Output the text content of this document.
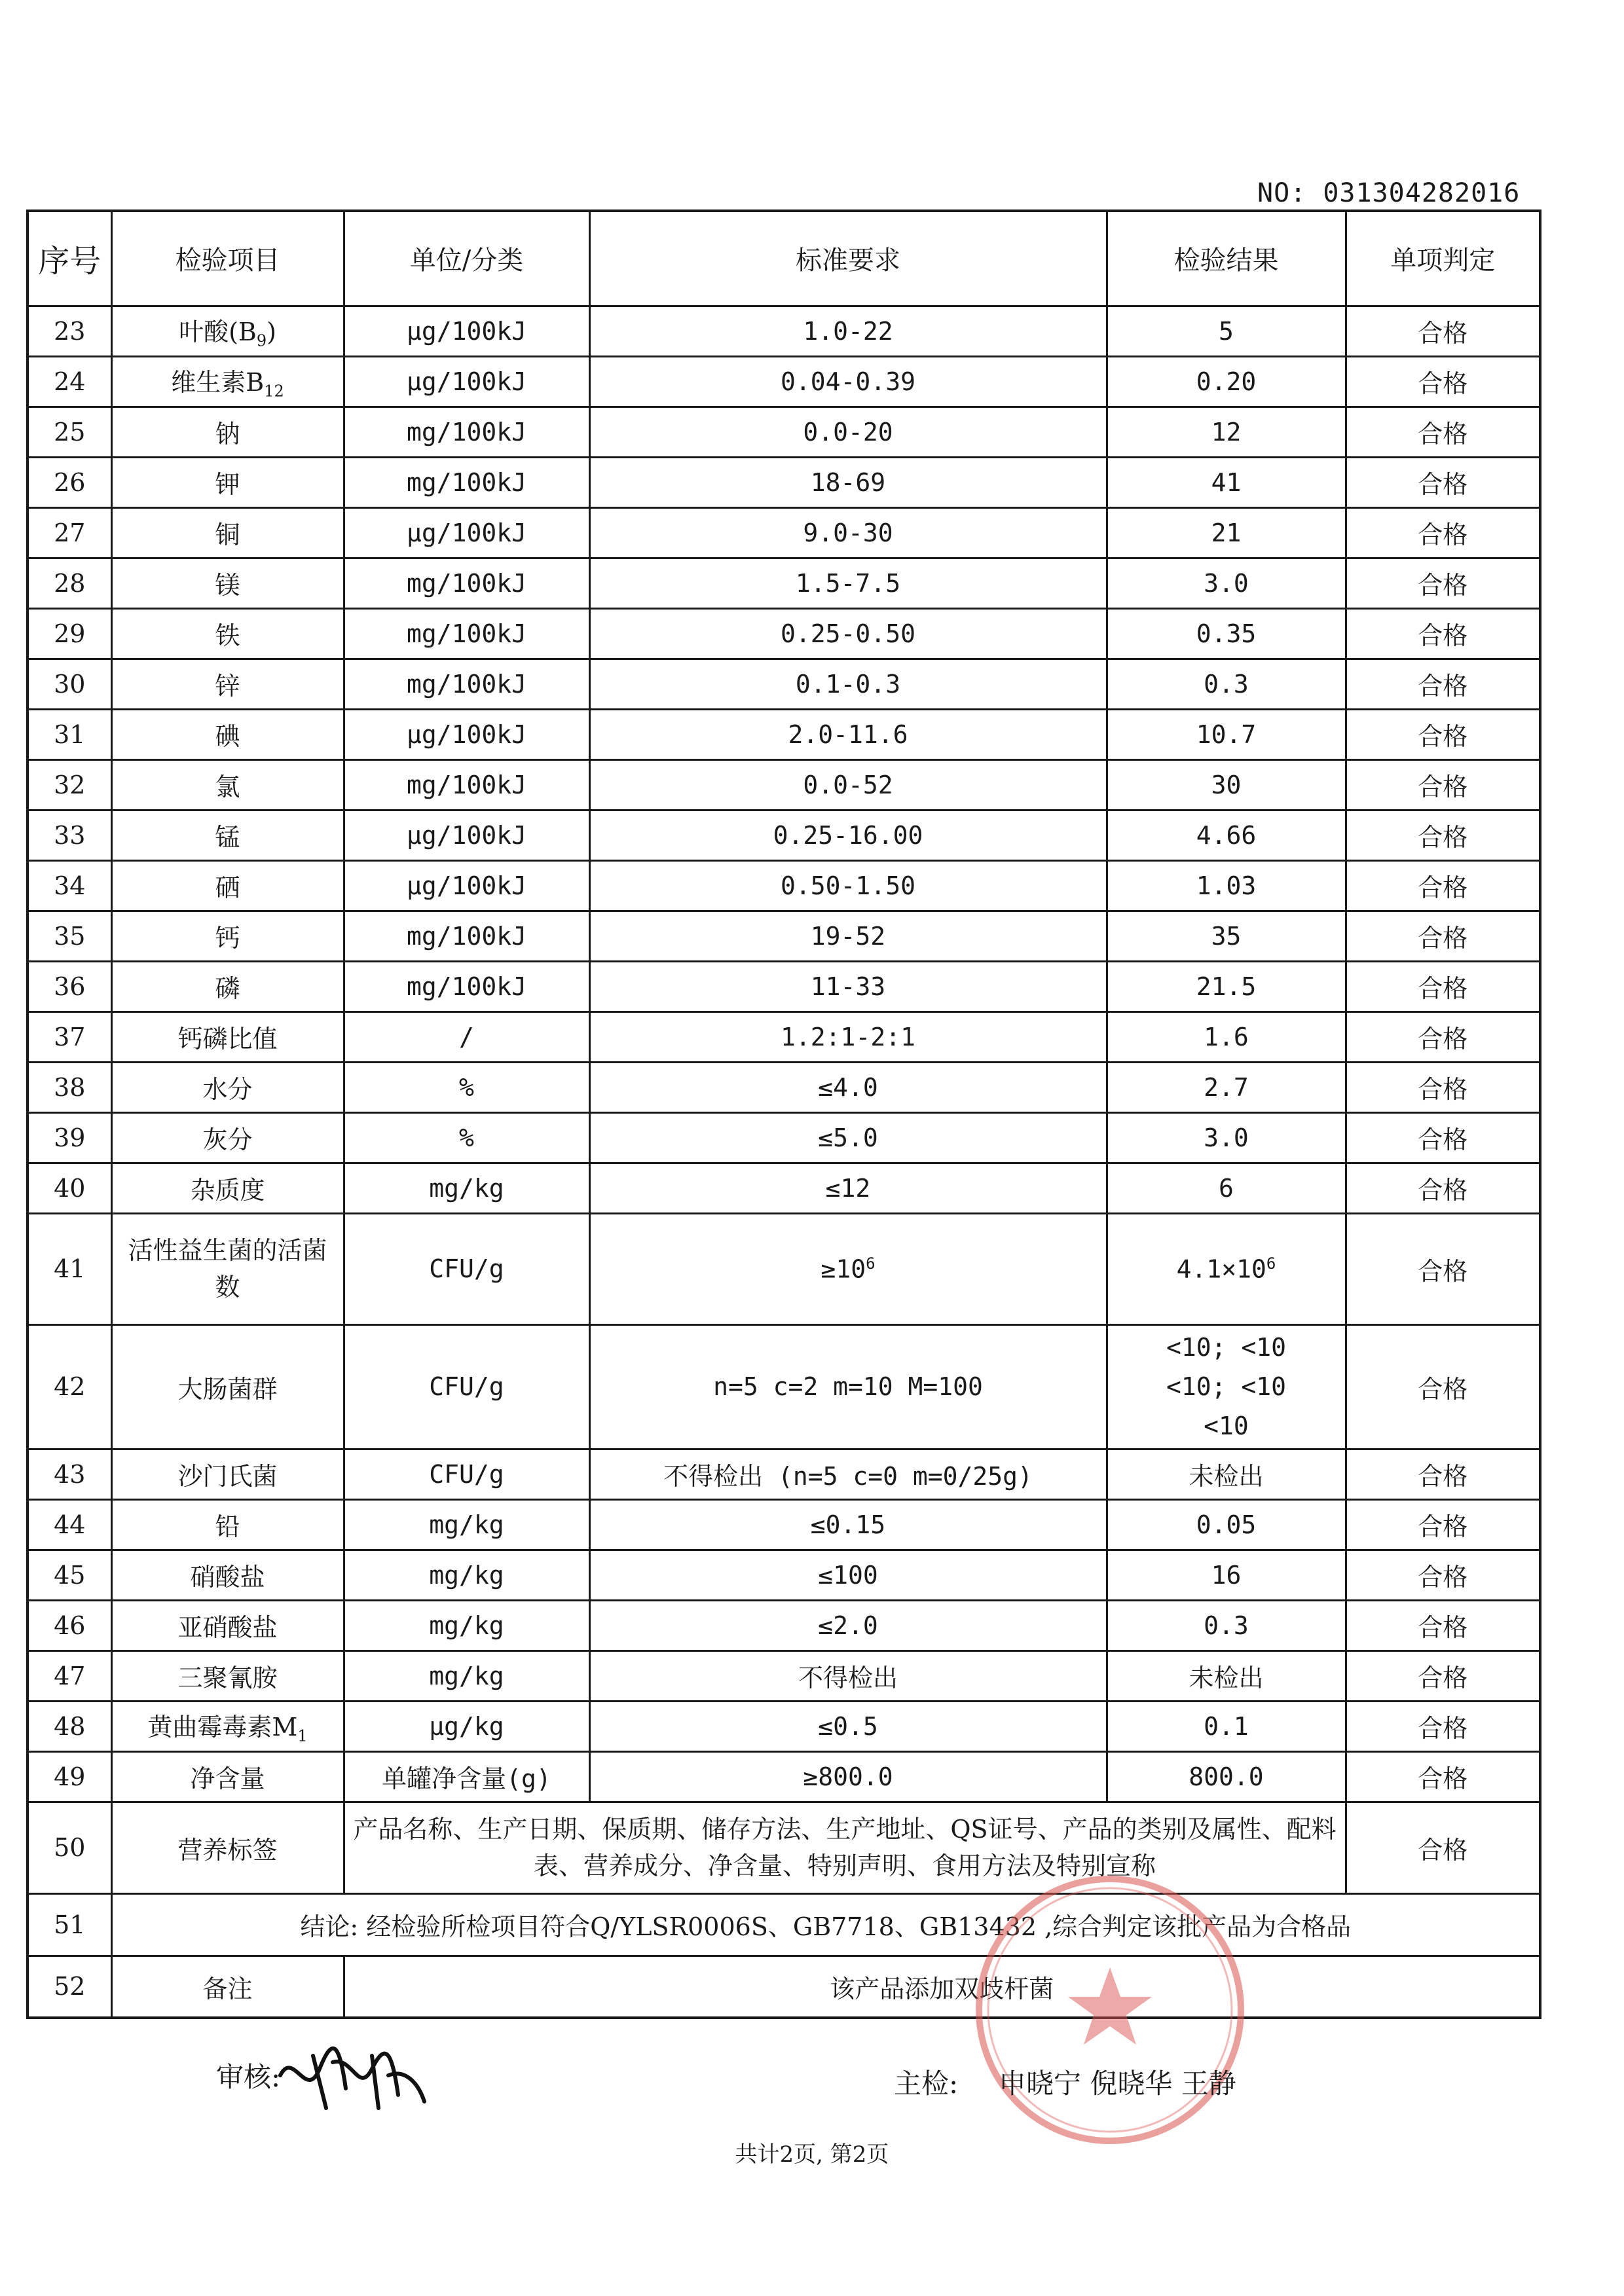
NO: 031304282016
序号	检验项目	单位/分类	标准要求	检验结果	单项判定
23	叶酸$(B_9)$	μg/100kJ	1.0-22	5	合格
24	维生素$B_{12}$	μg/100kJ	0.04-0.39	0.20	合格
25	钠	mg/100kJ	0.0-20	12	合格
26	钾	mg/100kJ	18-69	41	合格
27	铜	μg/100kJ	9.0-30	21	合格
28	镁	mg/100kJ	1.5-7.5	3.0	合格
29	铁	mg/100kJ	0.25-0.50	0.35	合格
30	锌	mg/100kJ	0.1-0.3	0.3	合格
31	碘	μg/100kJ	2.0-11.6	10.7	合格
32	氯	mg/100kJ	0.0-52	30	合格
33	锰	μg/100kJ	0.25-16.00	4.66	合格
34	硒	μg/100kJ	0.50-1.50	1.03	合格
35	钙	mg/100kJ	19-52	35	合格
36	磷	mg/100kJ	11-33	21.5	合格
37	钙磷比值	/	1.2:1-2:1	1.6	合格
38	水分	%	≤4.0	2.7	合格
39	灰分	%	≤5.0	3.0	合格
40	杂质度	mg/kg	≤12	6	合格
41	活性益生菌的活菌数	CFU/g	$\ge 10^6$	$4.1\times 10^6$	合格
42	大肠菌群	CFU/g	n=5 c=2 m=10 M=100	<10; <10
<10; <10
<10	合格
43	沙门氏菌	CFU/g	不得检出 (n=5 c=0 m=0/25g)	未检出	合格
44	铅	mg/kg	≤0.15	0.05	合格
45	硝酸盐	mg/kg	≤100	16	合格
46	亚硝酸盐	mg/kg	≤2.0	0.3	合格
47	三聚氰胺	mg/kg	不得检出	未检出	合格
48	黄曲霉毒素$M_1$	μg/kg	≤0.5	0.1	合格
49	净含量	单罐净含量(g)	≥800.0	800.0	合格
50	营养标签	产品名称、生产日期、保质期、储存方法、生产地址、QS证号、产品的类别及属性、配料表、营养成分、净含量、特别声明、食用方法及特别宣称			合格
51	结论: 经检验所检项目符合Q/YLSR0006S、GB7718、GB13432 ,综合判定该批产品为合格品				
52	备注	该产品添加双歧杆菌			
审核:	主检: 申晓宁 倪晓华 王静
共计2页, 第2页
